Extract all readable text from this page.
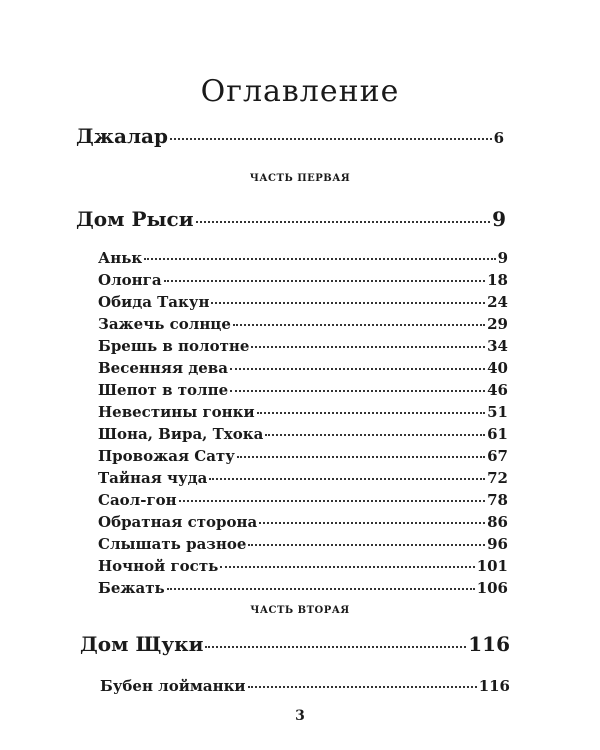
Оглавление
Джалар	6
ЧАСТЬ ПЕРВАЯ
Дом Рыси	9
Аньк	9
Олонга	18
Обида Такун	24
Зажечь солнце	29
Брешь в полотне	34
Весенняя дева	40
Шепот в толпе	46
Невестины гонки	51
Шона, Вира, Тхока	61
Провожая Сату	67
Тайная чуда	72
Саол-гон	78
Обратная сторона	86
Слышать разное	96
Ночной гость	101
Бежать	106
ЧАСТЬ ВТОРАЯ
Дом Щуки	116
Бубен лойманки	116
3
